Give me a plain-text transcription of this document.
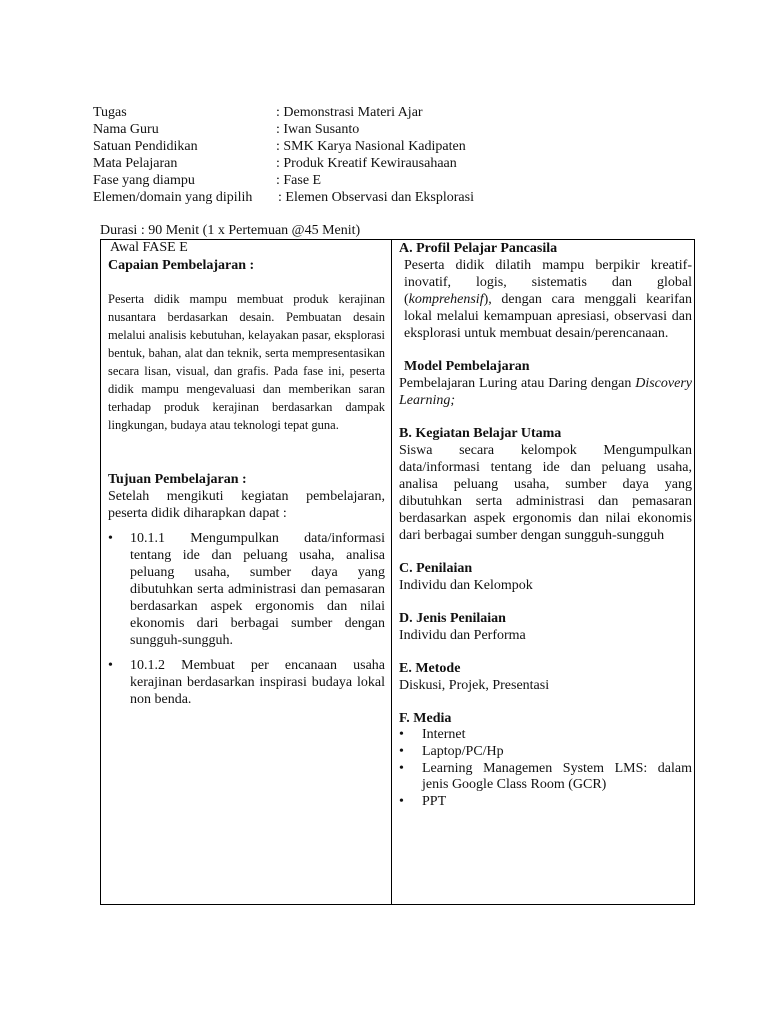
Tugas	: Demonstrasi Materi Ajar
Nama Guru	: Iwan Susanto
Satuan Pendidikan	: SMK Karya Nasional Kadipaten
Mata Pelajaran	: Produk Kreatif Kewirausahaan
Fase yang diampu	: Fase E
Elemen/domain yang dipilih : Elemen Observasi dan Eksplorasi
Durasi : 90 Menit (1 x Pertemuan @45 Menit)
Awal FASE E
Capaian Pembelajaran :
Peserta didik mampu membuat produk kerajinan nusantara berdasarkan desain. Pembuatan desain melalui analisis kebutuhan, kelayakan pasar, eksplorasi bentuk, bahan, alat dan teknik, serta mempresentasikan secara lisan, visual, dan grafis. Pada fase ini, peserta didik mampu mengevaluasi dan memberikan saran terhadap produk kerajinan berdasarkan dampak lingkungan, budaya atau teknologi tepat guna.
Tujuan Pembelajaran :
Setelah mengikuti kegiatan pembelajaran, peserta didik diharapkan dapat :
• 10.1.1 Mengumpulkan data/informasi tentang ide dan peluang usaha, analisa peluang usaha, sumber daya yang dibutuhkan serta administrasi dan pemasaran berdasarkan aspek ergonomis dan nilai ekonomis dari berbagai sumber dengan sungguh-sungguh.
• 10.1.2 Membuat per encanaan usaha kerajinan berdasarkan inspirasi budaya lokal non benda.
A. Profil Pelajar Pancasila
Peserta didik dilatih mampu berpikir kreatif-inovatif, logis, sistematis dan global (komprehensif), dengan cara menggali kearifan lokal melalui kemampuan apresiasi, observasi dan eksplorasi untuk membuat desain/perencanaan.
Model Pembelajaran
Pembelajaran Luring atau Daring dengan Discovery Learning;
B. Kegiatan Belajar Utama
Siswa secara kelompok Mengumpulkan data/informasi tentang ide dan peluang usaha, analisa peluang usaha, sumber daya yang dibutuhkan serta administrasi dan pemasaran berdasarkan aspek ergonomis dan nilai ekonomis dari berbagai sumber dengan sungguh-sungguh
C. Penilaian
Individu dan Kelompok
D. Jenis Penilaian
Individu dan Performa
E. Metode
Diskusi, Projek, Presentasi
F. Media
• Internet
• Laptop/PC/Hp
• Learning Managemen System LMS: dalam jenis Google Class Room (GCR)
• PPT
